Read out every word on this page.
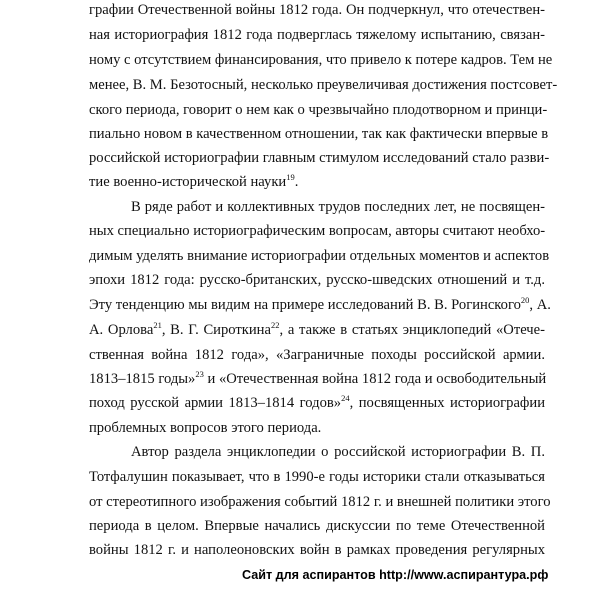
графии Отечественной войны 1812 года. Он подчеркнул, что отечествен-
ная историография 1812 года подверглась тяжелому испытанию, связан-
ному с отсутствием финансирования, что привело к потере кадров. Тем не
менее, В. М. Безотосный, несколько преувеличивая достижения постсовет-
ского периода, говорит о нем как о чрезвычайно плодотворном и принци-
пиально новом в качественном отношении, так как фактически впервые в
российской историографии главным стимулом исследований стало разви-
тие военно-исторической науки$^{19}$.
В ряде работ и коллективных трудов последних лет, не посвящен-
ных специально историографическим вопросам, авторы считают необхо-
димым уделять внимание историографии отдельных моментов и аспектов
эпохи 1812 года: русско-британских, русско-шведских отношений и т.д.
Эту тенденцию мы видим на примере исследований В. В. Рогинского$^{20}$, А.
А. Орлова$^{21}$, В. Г. Сироткина$^{22}$, а также в статьях энциклопедий «Отече-
ственная война 1812 года», «Заграничные походы российской армии.
1813–1815 годы»$^{23}$ и «Отечественная война 1812 года и освободительный
поход русской армии 1813–1814 годов»$^{24}$, посвященных историографии
проблемных вопросов этого периода.
Автор раздела энциклопедии о российской историографии В. П.
Тотфалушин показывает, что в 1990-е годы историки стали отказываться
от стереотипного изображения событий 1812 г. и внешней политики этого
периода в целом. Впервые начались дискуссии по теме Отечественной
войны 1812 г. и наполеоновских войн в рамках проведения регулярных
Сайт для аспирантов http://www.аспирантура.рф
